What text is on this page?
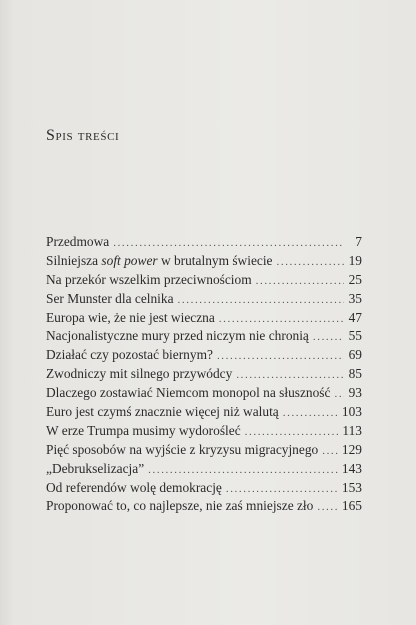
Spis treści
Przedmowa .....	7
Silniejsza soft power w brutalnym świecie .....	19
Na przekór wszelkim przeciwnościom .....	25
Ser Munster dla celnika .....	35
Europa wie, że nie jest wieczna .....	47
Nacjonalistyczne mury przed niczym nie chronią .....	55
Działać czy pozostać biernym? .....	69
Zwodniczy mit silnego przywódcy .....	85
Dlaczego zostawiać Niemcom monopol na słuszność ..... 93
Euro jest czymś znacznie więcej niż walutą .....	103
W erze Trumpa musimy wydorośleć .....	113
Pięć sposobów na wyjście z kryzysu migracyjnego ..... 129
„Debrukselizacja” .....	143
Od referendów wolę demokrację .....	153
Proponować to, co najlepsze, nie zaś mniejsze zło ..... 165
